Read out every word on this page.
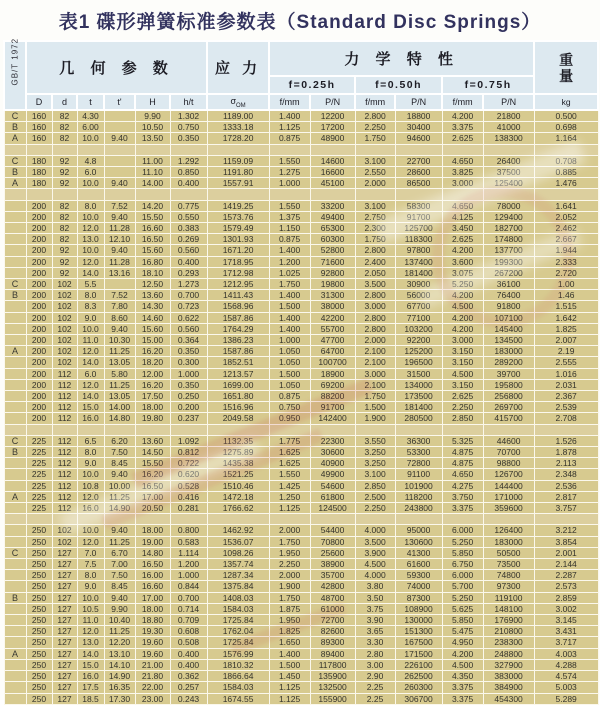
表1 碟形弹簧标准参数表（Standard Disc Springs）
GB/T 1972	几 何 参 数						应 力	力 学 特 性						重
量

								f=0.25h		f=0.50h		f=0.75h		
	D	d	t	t'	H	h/t	$\sigma_{OM}$	f/mm	P/N	f/mm	P/N	f/mm	P/N	kg
C	160	82	4.30		9.90	1.302	1189.00	1.400	12200	2.800	18800	4.200	21800	0.500
B	160	82	6.00		10.50	0.750	1333.18	1.125	17200	2.250	30400	3.375	41000	0.698
A	160	82	10.0	9.40	13.50	0.350	1728.20	0.875	48900	1.750	94600	2.625	138300	1.164

C	180	92	4.8		11.00	1.292	1159.09	1.550	14600	3.100	22700	4.650	26400	0.708
B	180	92	6.0		11.10	0.850	1191.80	1.275	16600	2.550	28600	3.825	37500	0.885
A	180	92	10.0	9.40	14.00	0.400	1557.91	1.000	45100	2.000	86500	3.000	125400	1.476

	200	82	8.0	7.52	14.20	0.775	1419.25	1.550	33200	3.100	58300	4.650	78000	1.641
	200	82	10.0	9.40	15.50	0.550	1573.76	1.375	49400	2.750	91700	4.125	129400	2.052
	200	82	12.0	11.28	16.60	0.383	1579.49	1.150	65300	2.300	125700	3.450	182700	2.462
	200	82	13.0	12.10	16.50	0.269	1301.93	0.875	60300	1.750	118300	2.625	174800	2.667
	200	92	10.0	9.40	15.60	0.560	1671.20	1.400	52800	2.800	97800	4.200	137700	1.944
	200	92	12.0	11.28	16.80	0.400	1718.95	1.200	71600	2.400	137400	3.600	199300	2.333
	200	92	14.0	13.16	18.10	0.293	1712.98	1.025	92800	2.050	181400	3.075	267200	2.720
C	200	102	5.5		12.50	1.273	1212.95	1.750	19800	3.500	30900	5.250	36100	1.00
B	200	102	8.0	7.52	13.60	0.700	1411.43	1.400	31300	2.800	56000	4.200	76400	1.46
	200	102	8.3	7.80	14.30	0.723	1568.96	1.500	38000	3.000	67700	4.500	91800	1.515
	200	102	9.0	8.60	14.60	0.622	1587.86	1.400	42200	2.800	77100	4.200	107100	1.642
	200	102	10.0	9.40	15.60	0.560	1764.29	1.400	55700	2.800	103200	4.200	145400	1.825
	200	102	11.0	10.30	15.00	0.364	1386.23	1.000	47700	2.000	92200	3.000	134500	2.007
A	200	102	12.0	11.25	16.20	0.350	1587.86	1.050	64700	2.100	125200	3.150	183000	2.19
	200	102	14.0	13.05	18.20	0.300	1852.51	1.050	100700	2.100	196500	3.150	289200	2.555
	200	112	6.0	5.80	12.00	1.000	1213.57	1.500	18900	3.000	31500	4.500	39700	1.016
	200	112	12.0	11.25	16.20	0.350	1699.00	1.050	69200	2.100	134000	3.150	195800	2.031
	200	112	14.0	13.05	17.50	0.250	1651.80	0.875	88200	1.750	173500	2.625	256800	2.367
	200	112	15.0	14.00	18.00	0.200	1516.96	0.750	91700	1.500	181400	2.250	269700	2.539
	200	112	16.0	14.80	19.80	0.237	2049.58	0.950	142400	1.900	280500	2.850	415700	2.708

C	225	112	6.5	6.20	13.60	1.092	1132.35	1.775	22300	3.550	36300	5.325	44600	1.526
B	225	112	8.0	7.50	14.50	0.812	1275.89	1.625	30600	3.250	53300	4.875	70700	1.878
	225	112	9.0	8.45	15.50	0.722	1435.38	1.625	40900	3.250	72800	4.875	98800	2.113
	225	112	10.0	9.40	16.20	0.620	1521.25	1.550	49900	3.100	91100	4.650	126700	2.348
	225	112	10.8	10.00	16.50	0.528	1510.46	1.425	54600	2.850	101900	4.275	144400	2.536
A	225	112	12.0	11.25	17.00	0.416	1472.18	1.250	61800	2.500	118200	3.750	171000	2.817
	225	112	16.0	14.90	20.50	0.281	1766.62	1.125	124500	2.250	243800	3.375	359600	3.757

	250	102	10.0	9.40	18.00	0.800	1462.92	2.000	54400	4.000	95000	6.000	126400	3.212
	250	102	12.0	11.25	19.00	0.583	1536.07	1.750	70800	3.500	130600	5.250	183000	3.854
C	250	127	7.0	6.70	14.80	1.114	1098.26	1.950	25600	3.900	41300	5.850	50500	2.001
	250	127	7.5	7.00	16.50	1.200	1357.74	2.250	38900	4.500	61600	6.750	73500	2.144
	250	127	8.0	7.50	16.00	1.000	1287.34	2.000	35700	4.000	59300	6.000	74800	2.287
	250	127	9.0	8.45	16.60	0.844	1375.84	1.900	42800	3.80	74000	5.700	97300	2.573
B	250	127	10.0	9.40	17.00	0.700	1408.03	1.750	48700	3.50	87300	5.250	119100	2.859
	250	127	10.5	9.90	18.00	0.714	1584.03	1.875	61000	3.75	108900	5.625	148100	3.002
	250	127	11.0	10.40	18.80	0.709	1725.84	1.950	72700	3.90	130000	5.850	176900	3.145
	250	127	12.0	11.25	19.30	0.608	1762.04	1.825	82600	3.65	151300	5.475	210800	3.431
	250	127	13.0	12.20	19.60	0.508	1725.84	1.650	89300	3.30	167500	4.950	238300	3.717
A	250	127	14.0	13.10	19.60	0.400	1576.99	1.400	89400	2.80	171500	4.200	248800	4.003
	250	127	15.0	14.10	21.00	0.400	1810.32	1.500	117800	3.00	226100	4.500	327900	4.288
	250	127	16.0	14.90	21.80	0.362	1866.64	1.450	135900	2.90	262500	4.350	383000	4.574
	250	127	17.5	16.35	22.00	0.257	1584.03	1.125	132500	2.25	260300	3.375	384900	5.003
	250	127	18.5	17.30	23.00	0.243	1674.55	1.125	155900	2.25	306700	3.375	454300	5.289
